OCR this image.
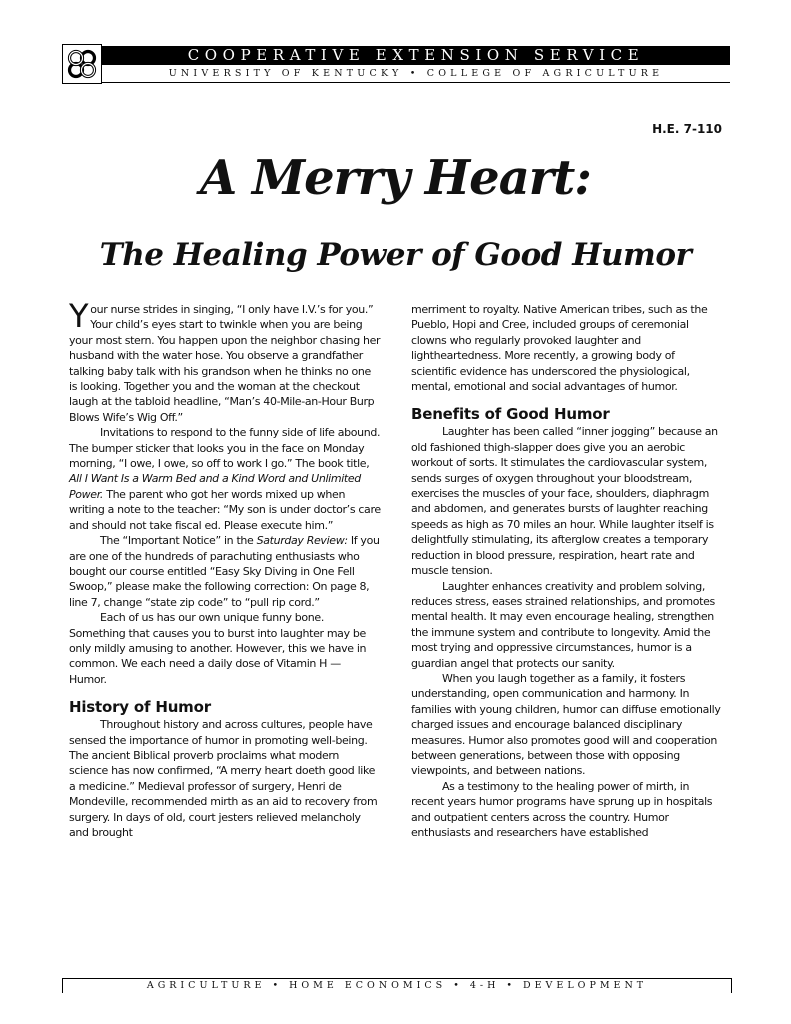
COOPERATIVE EXTENSION SERVICE
UNIVERSITY OF KENTUCKY • COLLEGE OF AGRICULTURE
H.E. 7-110
A Merry Heart:
The Healing Power of Good Humor

Your nurse strides in singing, “I only have I.V.’s for you.” Your child’s eyes start to twinkle when you are being your most stern. You happen upon the neighbor chasing her husband with the water hose. You observe a grandfather talking baby talk with his grandson when he thinks no one is looking. Together you and the woman at the checkout laugh at the tabloid headline, “Man’s 40-Mile-an-Hour Burp Blows Wife’s Wig Off.”

Invitations to respond to the funny side of life abound. The bumper sticker that looks you in the face on Monday morning, “I owe, I owe, so off to work I go.” The book title, All I Want Is a Warm Bed and a Kind Word and Unlimited Power. The parent who got her words mixed up when writing a note to the teacher: “My son is under doctor’s care and should not take fiscal ed. Please execute him.”

The “Important Notice” in the Saturday Review: If you are one of the hundreds of parachuting enthusiasts who bought our course entitled “Easy Sky Diving in One Fell Swoop,” please make the following correction: On page 8, line 7, change “state zip code” to “pull rip cord.”

Each of us has our own unique funny bone. Something that causes you to burst into laughter may be only mildly amusing to another. However, this we have in common. We each need a daily dose of Vitamin H — Humor.

History of Humor

Throughout history and across cultures, people have sensed the importance of humor in promoting well-being. The ancient Biblical proverb proclaims what modern science has now confirmed, “A merry heart doeth good like a medicine.” Medieval professor of surgery, Henri de Mondeville, recommended mirth as an aid to recovery from surgery. In days of old, court jesters relieved melancholy and brought

merriment to royalty. Native American tribes, such as the Pueblo, Hopi and Cree, included groups of ceremonial clowns who regularly provoked laughter and lightheartedness. More recently, a growing body of scientific evidence has underscored the physiological, mental, emotional and social advantages of humor.

Benefits of Good Humor

Laughter has been called “inner jogging” because an old fashioned thigh-slapper does give you an aerobic workout of sorts. It stimulates the cardiovascular system, sends surges of oxygen throughout your bloodstream, exercises the muscles of your face, shoulders, diaphragm and abdomen, and generates bursts of laughter reaching speeds as high as 70 miles an hour. While laughter itself is delightfully stimulating, its afterglow creates a temporary reduction in blood pressure, respiration, heart rate and muscle tension.

Laughter enhances creativity and problem solving, reduces stress, eases strained relationships, and promotes mental health. It may even encourage healing, strengthen the immune system and contribute to longevity. Amid the most trying and oppressive circumstances, humor is a guardian angel that protects our sanity.

When you laugh together as a family, it fosters understanding, open communication and harmony. In families with young children, humor can diffuse emotionally charged issues and encourage balanced disciplinary measures. Humor also promotes good will and cooperation between generations, between those with opposing viewpoints, and between nations.

As a testimony to the healing power of mirth, in recent years humor programs have sprung up in hospitals and outpatient centers across the country. Humor enthusiasts and researchers have established

AGRICULTURE • HOME ECONOMICS • 4-H • DEVELOPMENT
